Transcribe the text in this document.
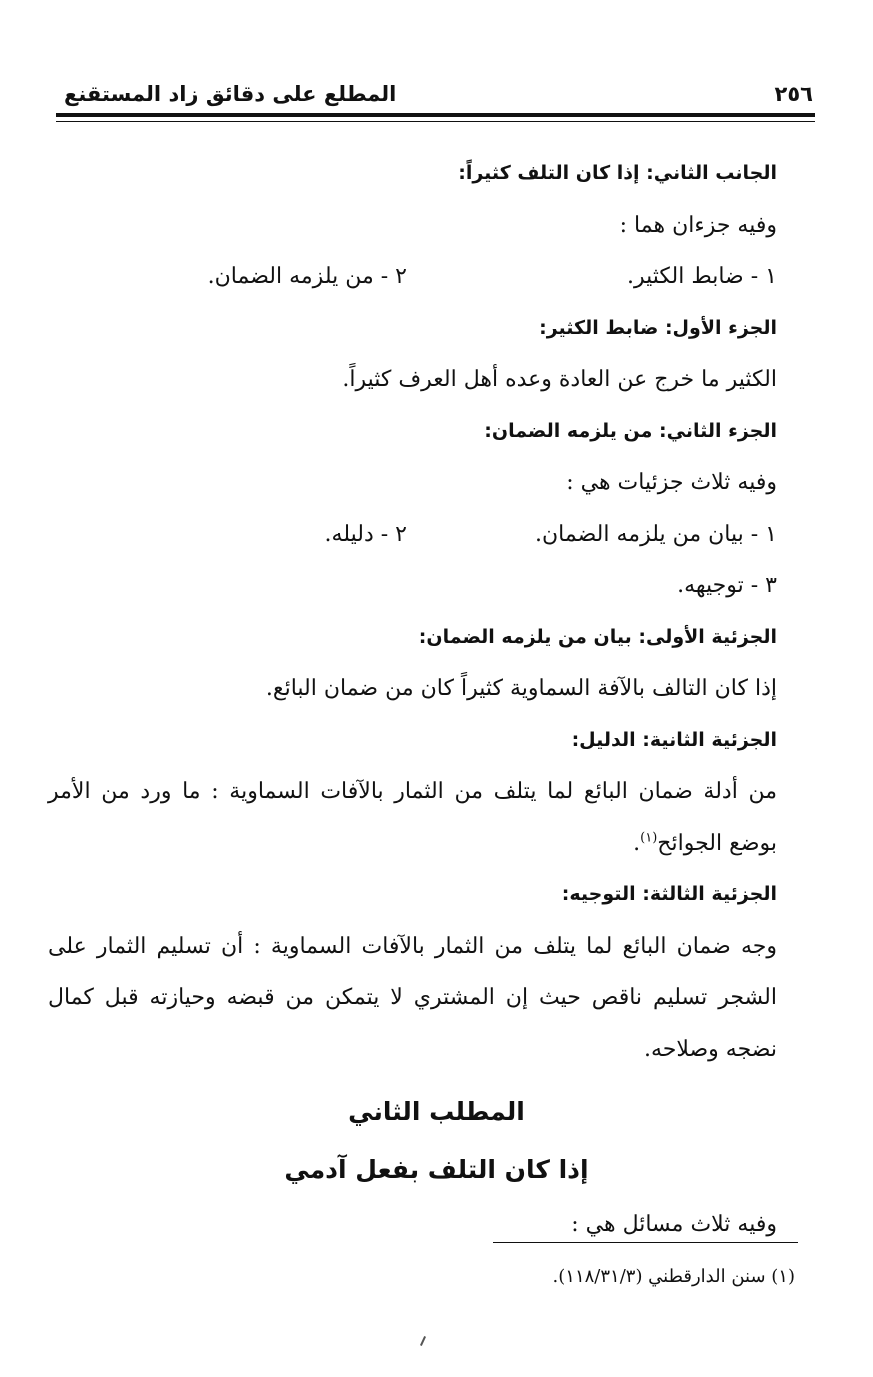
٢٥٦
المطلع على دقائق زاد المستقنع
الجانب الثاني: إذا كان التلف كثيراً:
وفيه جزءان هما :
١ - ضابط الكثير.
٢ - من يلزمه الضمان.
الجزء الأول: ضابط الكثير:
الكثير ما خرج عن العادة وعده أهل العرف كثيراً.
الجزء الثاني: من يلزمه الضمان:
وفيه ثلاث جزئيات هي :
١ - بيان من يلزمه الضمان.
٢ - دليله.
٣ - توجيهه.
الجزئية الأولى: بيان من يلزمه الضمان:
إذا كان التالف بالآفة السماوية كثيراً كان من ضمان البائع.
الجزئية الثانية: الدليل:

من أدلة ضمان البائع لما يتلف من الثمار بالآفات السماوية : ما ورد من الأمر بوضع الجوائح$^{(١)}$.

الجزئية الثالثة: التوجيه:

وجه ضمان البائع لما يتلف من الثمار بالآفات السماوية : أن تسليم الثمار على الشجر تسليم ناقص حيث إن المشتري لا يتمكن من قبضه وحيازته قبل كمال نضجه وصلاحه.

المطلب الثاني
إذا كان التلف بفعل آدمي
وفيه ثلاث مسائل هي :
(١) سنن الدارقطني (١١٨/٣١/٣).
